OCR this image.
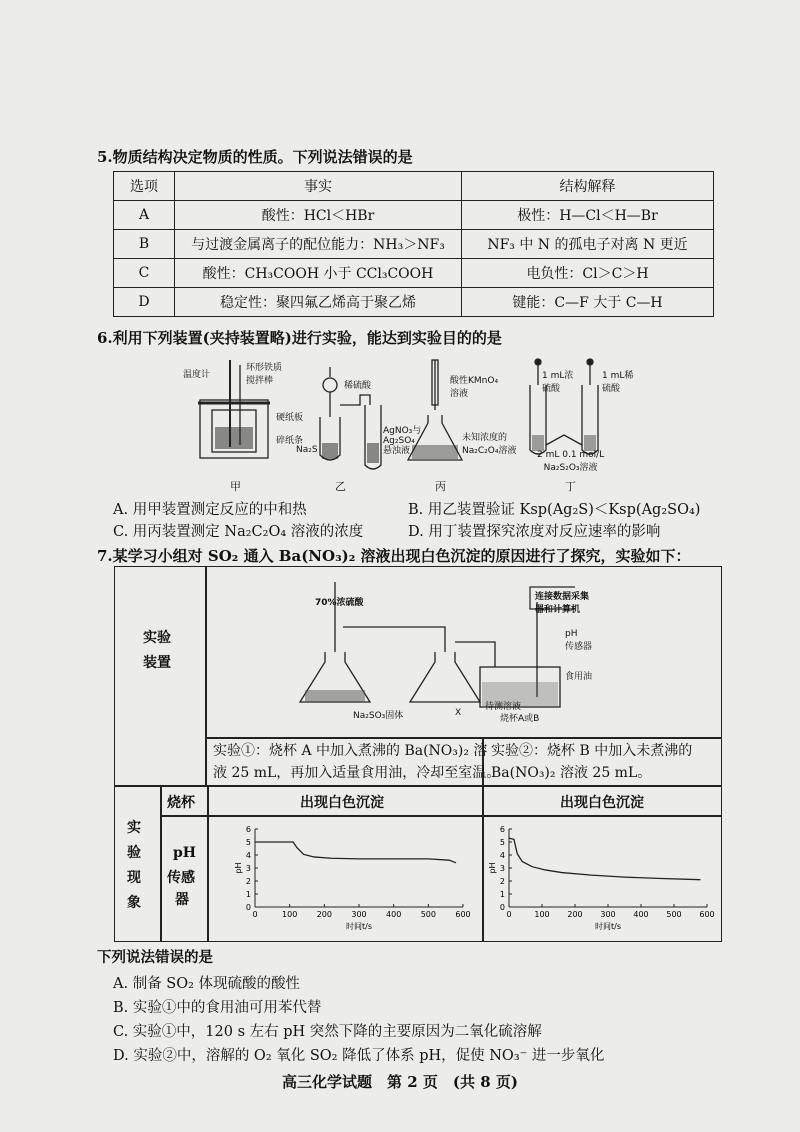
5.物质结构决定物质的性质。下列说法错误的是
选项	事实	结构解释
A	酸性：HCl＜HBr	极性：H—Cl＜H—Br
B	与过渡金属离子的配位能力：NH₃＞NF₃	NF₃ 中 N 的孤电子对离 N 更近
C	酸性：CH₃COOH 小于 CCl₃COOH	电负性：Cl＞C＞H
D	稳定性：聚四氟乙烯高于聚乙烯	键能：C—F 大于 C—H
6.利用下列装置(夹持装置略)进行实验，能达到实验目的的是
温度计
环形铁质
搅拌棒
硬纸板
碎纸条
稀硫酸
Na₂S
AgNO₃与
Ag₂SO₄
悬浊液
酸性KMnO₄
溶液
未知浓度的
Na₂C₂O₄溶液
1 mL浓
硫酸
1 mL稀
硫酸
2 mL 0.1 mol/L
Na₂S₂O₃溶液
甲	乙	丙	丁
A. 用甲装置测定反应的中和热	B. 用乙装置验证 Ksp(Ag₂S)＜Ksp(Ag₂SO₄)
C. 用丙装置测定 Na₂C₂O₄ 溶液的浓度	D. 用丁装置探究浓度对反应速率的影响
7.某学习小组对 SO₂ 通入 Ba(NO₃)₂ 溶液出现白色沉淀的原因进行了探究，实验如下：
实验
装置
70%浓硫酸
Na₂SO₃固体	X
连接数据采集
器和计算机
pH
传感器
食用油
待测溶液
烧杯A或B
实验①：烧杯 A 中加入煮沸的 Ba(NO₃)₂ 溶
液 25 mL，再加入适量食用油，冷却至室温。
实验②：烧杯 B 中加入未煮沸的
Ba(NO₃)₂ 溶液 25 mL。
实
验
现
象
烧杯
pH
传感
器
出现白色沉淀	出现白色沉淀
0
1
2
3
4
5
6
0	100 200 300 400 500 600
pH
时间t/s
0
1
2
3
4
5
6
0	100 200 300 400 500 600
pH
时间t/s
下列说法错误的是
A. 制备 SO₂ 体现硫酸的酸性
B. 实验①中的食用油可用苯代替
C. 实验①中，120 s 左右 pH 突然下降的主要原因为二氧化硫溶解
D. 实验②中，溶解的 O₂ 氧化 SO₂ 降低了体系 pH，促使 NO₃⁻ 进一步氧化
高三化学试题　第 2 页　(共 8 页)
